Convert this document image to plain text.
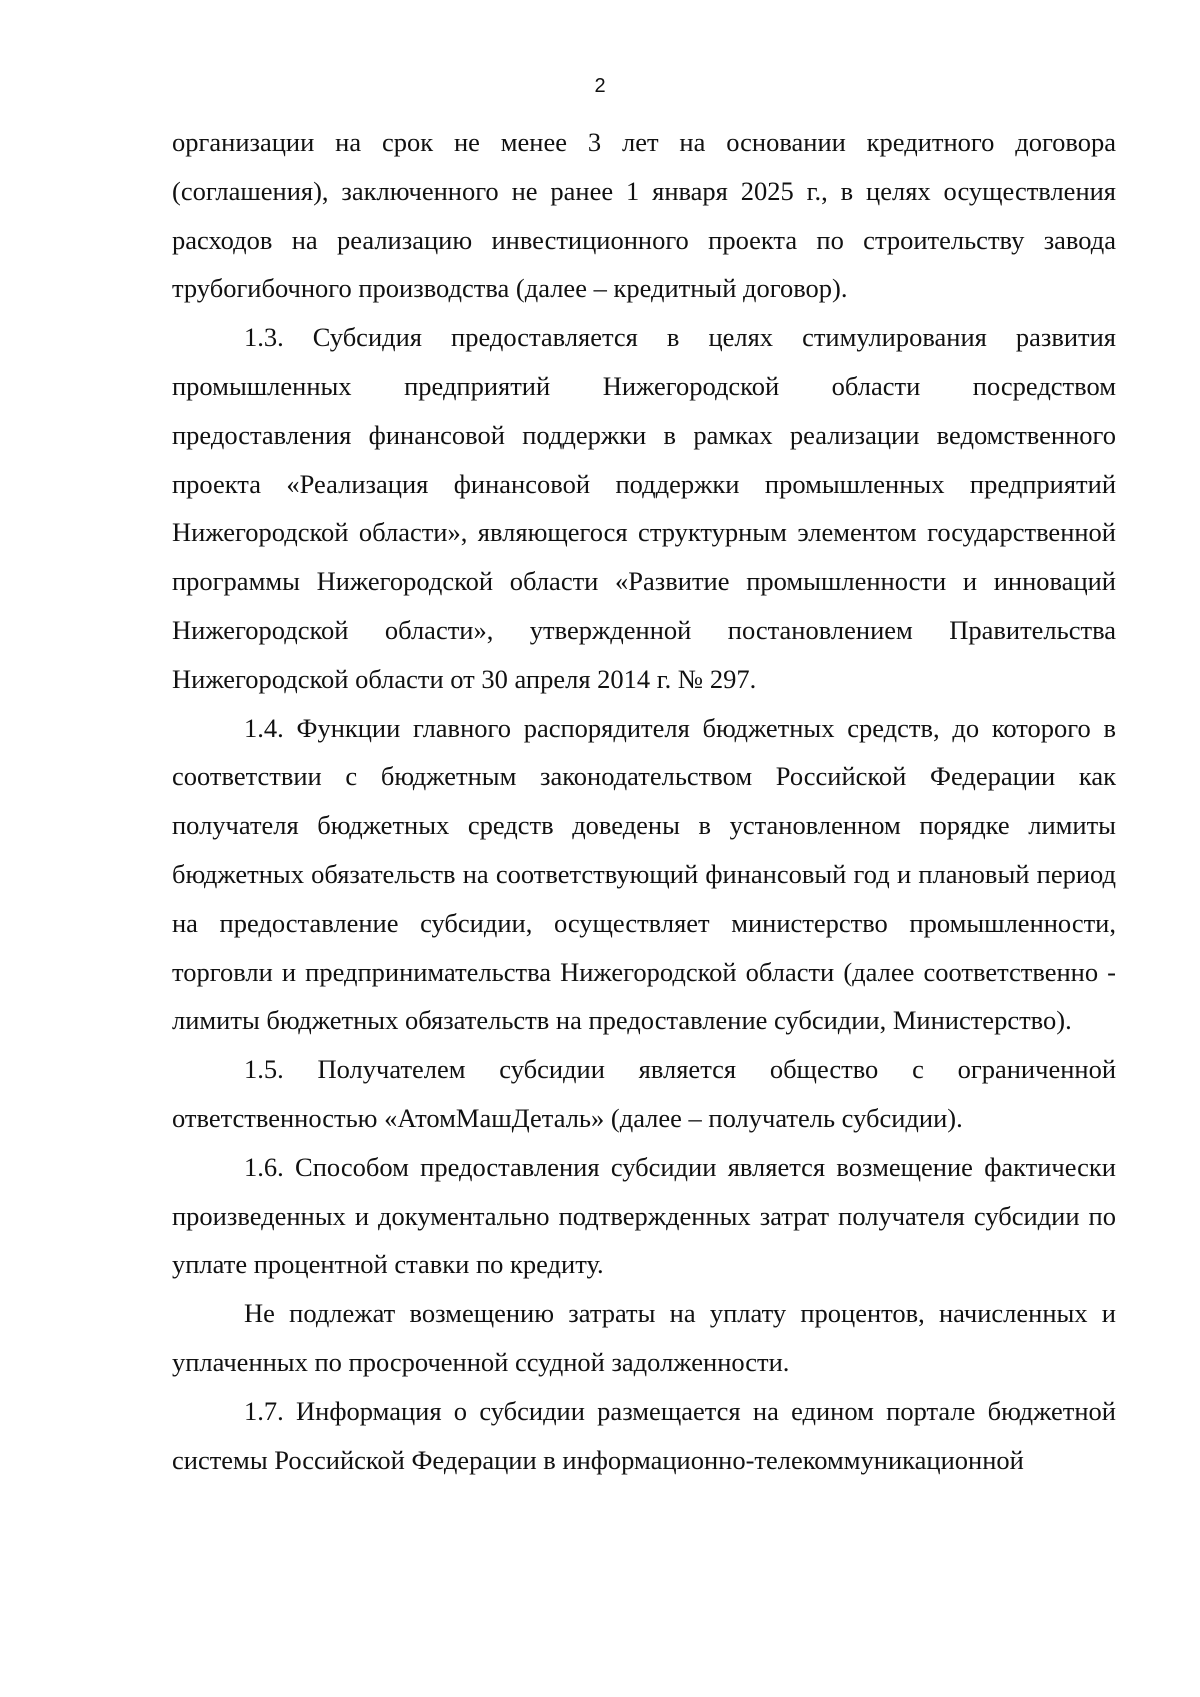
2

организации на срок не менее 3 лет на основании кредитного договора (соглашения), заключенного не ранее 1 января 2025 г., в целях осуществления расходов на реализацию инвестиционного проекта по строительству завода трубогибочного производства (далее – кредитный договор).

1.3. Субсидия предоставляется в целях стимулирования развития промышленных предприятий Нижегородской области посредством предоставления финансовой поддержки в рамках реализации ведомственного проекта «Реализация финансовой поддержки промышленных предприятий Нижегородской области», являющегося структурным элементом государственной программы Нижегородской области «Развитие промышленности и инноваций Нижегородской области», утвержденной постановлением Правительства Нижегородской области от 30 апреля 2014 г. № 297.

1.4. Функции главного распорядителя бюджетных средств, до которого в соответствии с бюджетным законодательством Российской Федерации как получателя бюджетных средств доведены в установленном порядке лимиты бюджетных обязательств на соответствующий финансовый год и плановый период на предоставление субсидии, осуществляет министерство промышленности, торговли и предпринимательства Нижегородской области (далее соответственно - лимиты бюджетных обязательств на предоставление субсидии, Министерство).

1.5. Получателем субсидии является общество с ограниченной ответственностью «АтомМашДеталь» (далее – получатель субсидии).

1.6. Способом предоставления субсидии является возмещение фактически произведенных и документально подтвержденных затрат получателя субсидии по уплате процентной ставки по кредиту.

Не подлежат возмещению затраты на уплату процентов, начисленных и уплаченных по просроченной ссудной задолженности.

1.7. Информация о субсидии размещается на едином портале бюджетной системы Российской Федерации в информационно-телекоммуникационной
